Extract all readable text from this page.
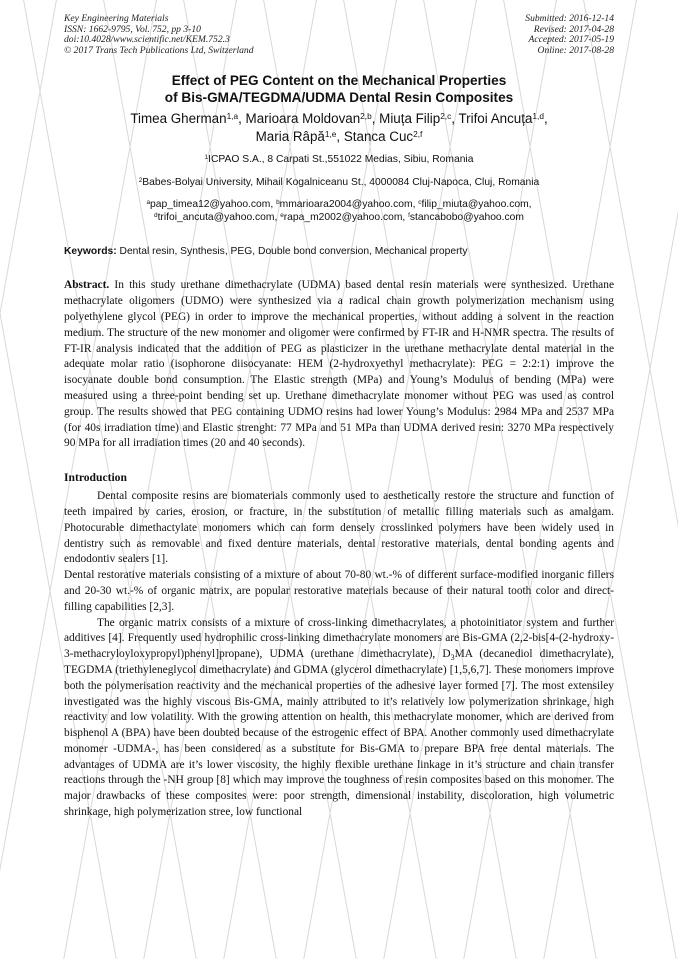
Key Engineering Materials
ISSN: 1662-9795, Vol. 752, pp 3-10
doi:10.4028/www.scientific.net/KEM.752.3
© 2017 Trans Tech Publications Ltd, Switzerland
Submitted: 2016-12-14
Revised: 2017-04-28
Accepted: 2017-05-19
Online: 2017-08-28
Effect of PEG Content on the Mechanical Properties
of Bis-GMA/TEGDMA/UDMA Dental Resin Composites
Timea Gherman$^{1,a}$, Marioara Moldovan$^{2,b}$, Miuța Filip$^{2,c}$, Trifoi Ancuța$^{1,d}$,
Maria Râpă$^{1,e}$, Stanca Cuc$^{2,f}$
$^1$ICPAO S.A., 8 Carpati St.,551022 Medias, Sibiu, Romania
$^2$Babes-Bolyai University, Mihail Kogalniceanu St., 4000084 Cluj-Napoca, Cluj, Romania
$^a$pap_timea12@yahoo.com, $^b$mmarioara2004@yahoo.com, $^c$filip_miuta@yahoo.com,
$^d$trifoi_ancuta@yahoo.com, $^e$rapa_m2002@yahoo.com, $^f$stancabobo@yahoo.com
Keywords: Dental resin, Synthesis, PEG, Double bond conversion, Mechanical property
Abstract. In this study urethane dimethacrylate (UDMA) based dental resin materials were synthesized. Urethane methacrylate oligomers (UDMO) were synthesized via a radical chain growth polymerization mechanism using polyethylene glycol (PEG) in order to improve the mechanical properties, without adding a solvent in the reaction medium. The structure of the new monomer and oligomer were confirmed by FT-IR and H-NMR spectra. The results of FT-IR analysis indicated that the addition of PEG as plasticizer in the urethane methacrylate dental material in the adequate molar ratio (isophorone diisocyanate: HEM (2-hydroxyethyl methacrylate): PEG = 2:2:1) improve the isocyanate double bond consumption. The Elastic strength (MPa) and Young’s Modulus of bending (MPa) were measured using a three-point bending set up. Urethane dimethacrylate monomer without PEG was used as control group. The results showed that PEG containing UDMO resins had lower Young’s Modulus: 2984 MPa and 2537 MPa (for 40s irradiation time) and Elastic strenght: 77 MPa and 51 MPa than UDMA derived resin: 3270 MPa respectively 90 MPa for all irradiation times (20 and 40 seconds).
Introduction

Dental composite resins are biomaterials commonly used to aesthetically restore the structure and function of teeth impaired by caries, erosion, or fracture, in the substitution of metallic filling materials such as amalgam. Photocurable dimethactylate monomers which can form densely crosslinked polymers have been widely used in dentistry such as removable and fixed denture materials, dental restorative materials, dental bonding agents and endodontiv sealers [1].

Dental restorative materials consisting of a mixture of about 70-80 wt.-% of different surface-modified inorganic fillers and 20-30 wt.-% of organic matrix, are popular restorative materials because of their natural tooth color and direct-filling capabilities [2,3].

The organic matrix consists of a mixture of cross-linking dimethacrylates, a photoinitiator system and further additives [4]. Frequently used hydrophilic cross-linking dimethacrylate monomers are Bis-GMA (2,2-bis[4-(2-hydroxy-3-methacryloyloxypropyl)phenyl]propane), UDMA (urethane dimethacrylate), $D_3MA$ (decanediol dimethacrylate), TEGDMA (triethyleneglycol dimethacrylate) and GDMA (glycerol dimethacrylate) [1,5,6,7]. These monomers improve both the polymerisation reactivity and the mechanical properties of the adhesive layer formed [7]. The most extensiley investigated was the highly viscous Bis-GMA, mainly attributed to it’s relatively low polymerization shrinkage, high reactivity and low volatility. With the growing attention on health, this methacrylate monomer, which are derived from bisphenol A (BPA) have been doubted because of the estrogenic effect of BPA. Another commonly used dimethacrylate monomer -UDMA-, has been considered as a substitute for Bis-GMA to prepare BPA free dental materials. The advantages of UDMA are it’s lower viscosity, the highly flexible urethane linkage in it’s structure and chain transfer reactions through the -NH group [8] which may improve the toughness of resin composites based on this monomer. The major drawbacks of these composites were: poor strength, dimensional instability, discoloration, high volumetric shrinkage, high polymerization stree, low functional
